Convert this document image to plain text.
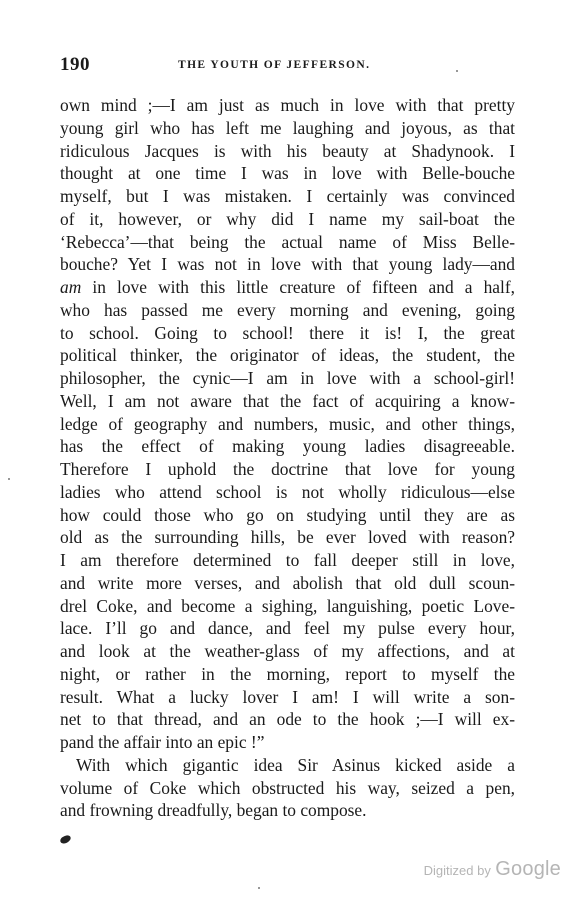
190	THE YOUTH OF JEFFERSON.
own mind ;—I am just as much in love with that pretty
young girl who has left me laughing and joyous, as that
ridiculous Jacques is with his beauty at Shadynook. I
thought at one time I was in love with Belle-bouche
myself, but I was mistaken. I certainly was convinced
of it, however, or why did I name my sail-boat the
‘Rebecca’—that being the actual name of Miss Belle-
bouche? Yet I was not in love with that young lady—and
am in love with this little creature of fifteen and a half,
who has passed me every morning and evening, going
to school. Going to school! there it is! I, the great
political thinker, the originator of ideas, the student, the
philosopher, the cynic—I am in love with a school-girl!
Well, I am not aware that the fact of acquiring a know-
ledge of geography and numbers, music, and other things,
has the effect of making young ladies disagreeable.
Therefore I uphold the doctrine that love for young
ladies who attend school is not wholly ridiculous—else
how could those who go on studying until they are as
old as the surrounding hills, be ever loved with reason?
I am therefore determined to fall deeper still in love,
and write more verses, and abolish that old dull scoun-
drel Coke, and become a sighing, languishing, poetic Love-
lace. I’ll go and dance, and feel my pulse every hour,
and look at the weather-glass of my affections, and at
night, or rather in the morning, report to myself the
result. What a lucky lover I am! I will write a son-
net to that thread, and an ode to the hook ;—I will ex-
pand the affair into an epic !”
With which gigantic idea Sir Asinus kicked aside a
volume of Coke which obstructed his way, seized a pen,
and frowning dreadfully, began to compose.
Digitized by Google
